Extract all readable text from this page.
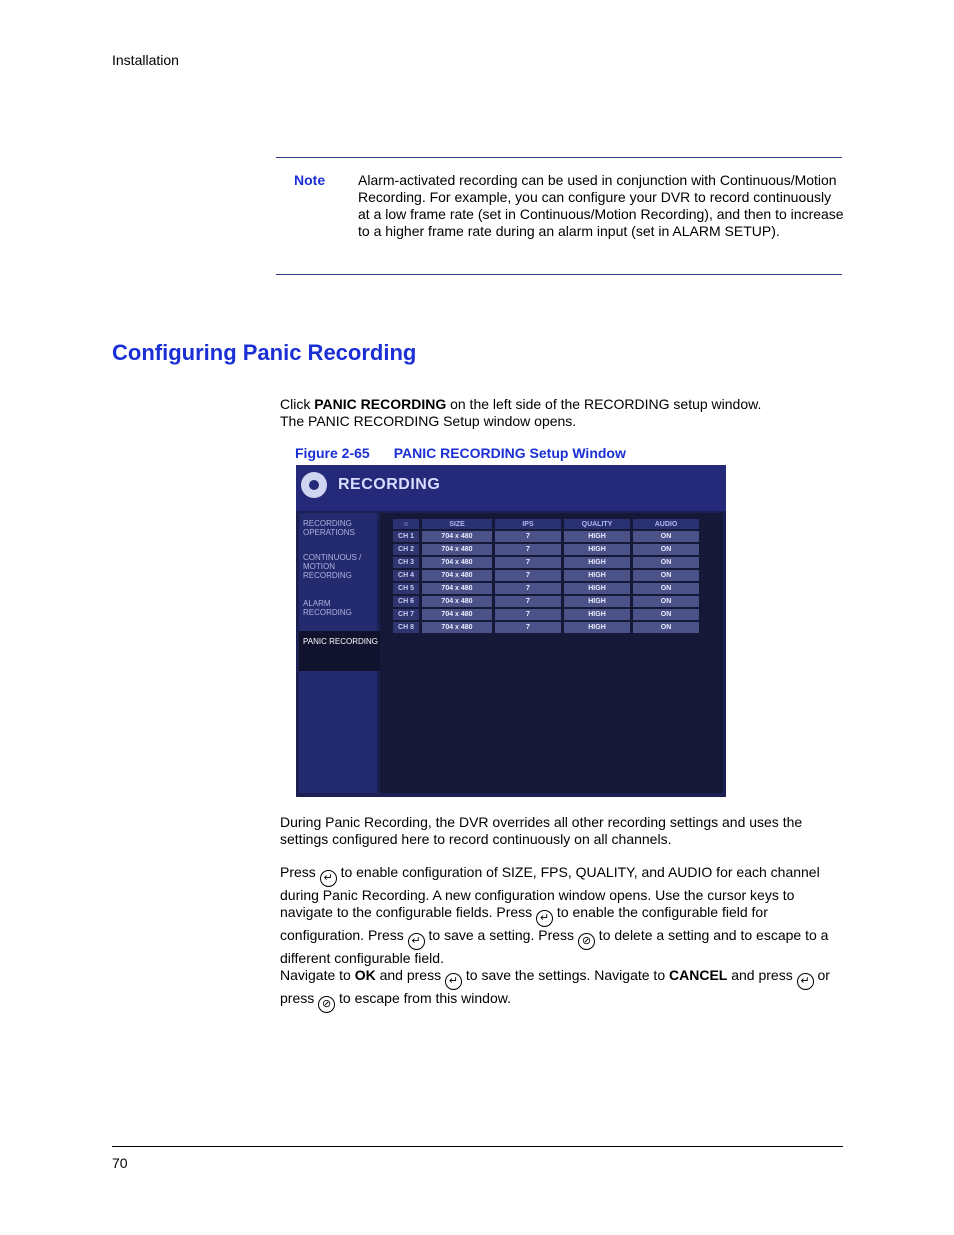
Installation
Note Alarm-activated recording can be used in conjunction with Continuous/Motion Recording. For example, you can configure your DVR to record continuously at a low frame rate (set in Continuous/Motion Recording), and then to increase to a higher frame rate during an alarm input (set in ALARM SETUP).
Configuring Panic Recording

Click PANIC RECORDING on the left side of the RECORDING setup window.

The PANIC RECORDING Setup window opens.

Figure 2-65 PANIC RECORDING Setup Window
RECORDING
RECORDING OPERATIONS
CONTINUOUS / MOTION RECORDING
ALARM RECORDING
PANIC RECORDING
☺	SIZE	IPS	QUALITY	AUDIO
CH 1	704 x 480	7	HIGH	ON
CH 2	704 x 480	7	HIGH	ON
CH 3	704 x 480	7	HIGH	ON
CH 4	704 x 480	7	HIGH	ON
CH 5	704 x 480	7	HIGH	ON
CH 6	704 x 480	7	HIGH	ON
CH 7	704 x 480	7	HIGH	ON
CH 8	704 x 480	7	HIGH	ON
During Panic Recording, the DVR overrides all other recording settings and uses the settings configured here to record continuously on all channels.
Press ↵ to enable configuration of SIZE, FPS, QUALITY, and AUDIO for each channel during Panic Recording. A new configuration window opens. Use the cursor keys to navigate to the configurable fields. Press ↵ to enable the configurable field for configuration. Press ↵ to save a setting. Press ⊘ to delete a setting and to escape to a different configurable field.
Navigate to OK and press ↵ to save the settings. Navigate to CANCEL and press ↵ or press ⊘ to escape from this window.
70
